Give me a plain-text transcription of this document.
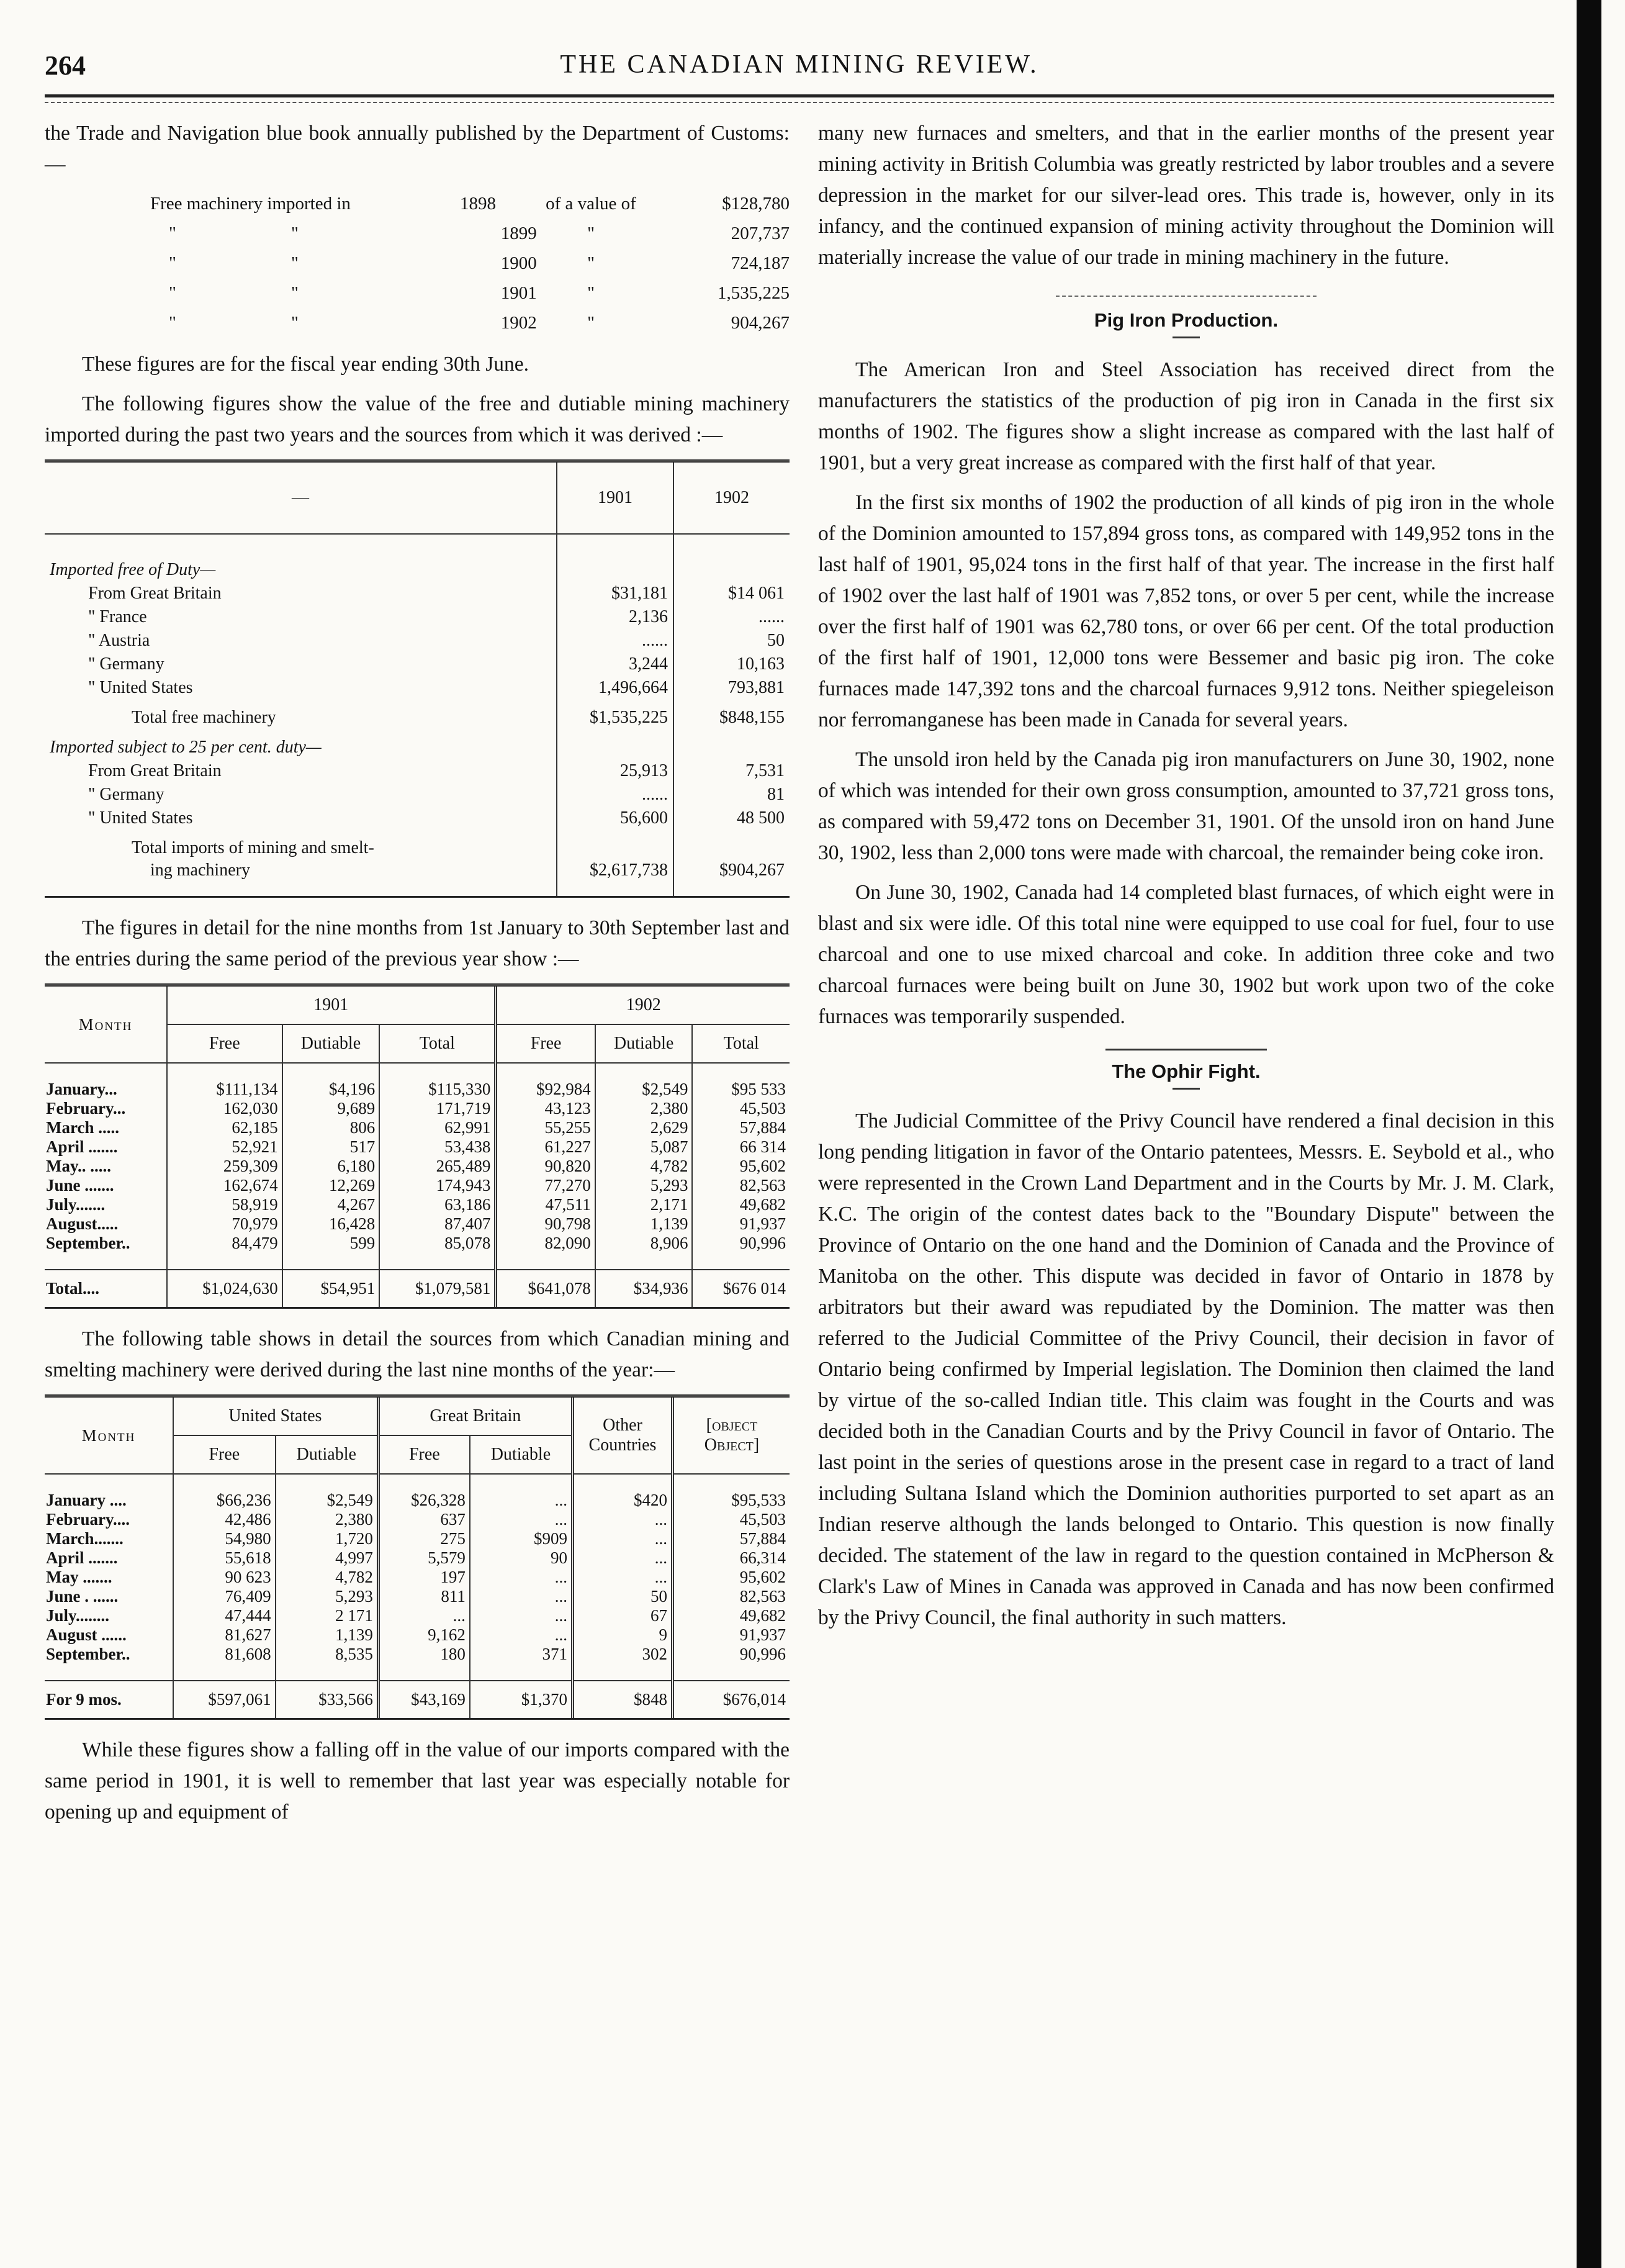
264	THE CANADIAN MINING REVIEW.

the Trade and Navigation blue book annually published by the Department of Customs:—

Free machinery imported in	1898	of a value of	$128,780
"	"	1899	"	207,737
"	"	1900	"	724,187
"	"	1901	"	1,535,225
"	"	1902	"	904,267

These figures are for the fiscal year ending 30th June.

The following figures show the value of the free and dutiable mining machinery imported during the past two years and the sources from which it was derived :—

—	1901	1902
Imported free of Duty—		
From Great Britain	$31,181	$14 061
" France	2,136	......
" Austria	......	50
" Germany	3,244	10,163
" United States	1,496,664	793,881
Total free machinery	$1,535,225	$848,155
Imported subject to 25 per cent. duty—		
From Great Britain	25,913	7,531
" Germany	......	81
" United States	56,600	48 500
Total imports of mining and smelt-		
ing machinery	$2,617,738	$904,267

The figures in detail for the nine months from 1st January to 30th September last and the entries during the same period of the previous year show :—

Month	1901			1902		
	Free	Dutiable	Total	Free	Dutiable	Total

January...	$111,134	$4,196	$115,330	$92,984	$2,549	$95 533
February...	162,030	9,689	171,719	43,123	2,380	45,503
March .....	62,185	806	62,991	55,255	2,629	57,884
April .......	52,921	517	53,438	61,227	5,087	66 314
May.. .....	259,309	6,180	265,489	90,820	4,782	95,602
June .......	162,674	12,269	174,943	77,270	5,293	82,563
July.......	58,919	4,267	63,186	47,511	2,171	49,682
August.....	70,979	16,428	87,407	90,798	1,139	91,937
September..	84,479	599	85,078	82,090	8,906	90,996

Total....	$1,024,630	$54,951	$1,079,581	$641,078	$34,936	$676 014

The following table shows in detail the sources from which Canadian mining and smelting machinery were derived during the last nine months of the year:—

Month	United States		Great Britain		Other Countries	[object Object]
	Free	Dutiable	Free	Dutiable		

January ....	$66,236	$2,549	$26,328	...	$420	$95,533
February....	42,486	2,380	637	...	...	45,503
March.......	54,980	1,720	275	$909	...	57,884
April .......	55,618	4,997	5,579	90	...	66,314
May .......	90 623	4,782	197	...	...	95,602
June . ......	76,409	5,293	811	...	50	82,563
July........	47,444	2 171	...	...	67	49,682
August ......	81,627	1,139	9,162	...	9	91,937
September..	81,608	8,535	180	371	302	90,996

For 9 mos.	$597,061	$33,566	$43,169	$1,370	$848	$676,014

While these figures show a falling off in the value of our imports compared with the same period in 1901, it is well to remember that last year was especially notable for opening up and equipment of

many new furnaces and smelters, and that in the earlier months of the present year mining activity in British Columbia was greatly restricted by labor troubles and a severe depression in the market for our silver-lead ores. This trade is, however, only in its infancy, and the continued expansion of mining activity throughout the Dominion will materially increase the value of our trade in mining machinery in the future.

Pig Iron Production.

The American Iron and Steel Association has received direct from the manufacturers the statistics of the production of pig iron in Canada in the first six months of 1902. The figures show a slight increase as compared with the last half of 1901, but a very great increase as compared with the first half of that year.

In the first six months of 1902 the production of all kinds of pig iron in the whole of the Dominion amounted to 157,894 gross tons, as compared with 149,952 tons in the last half of 1901, 95,024 tons in the first half of that year. The increase in the first half of 1902 over the last half of 1901 was 7,852 tons, or over 5 per cent, while the increase over the first half of 1901 was 62,780 tons, or over 66 per cent. Of the total production of the first half of 1901, 12,000 tons were Bessemer and basic pig iron. The coke furnaces made 147,392 tons and the charcoal furnaces 9,912 tons. Neither spiegeleison nor ferromanganese has been made in Canada for several years.

The unsold iron held by the Canada pig iron manufacturers on June 30, 1902, none of which was intended for their own gross consumption, amounted to 37,721 gross tons, as compared with 59,472 tons on December 31, 1901. Of the unsold iron on hand June 30, 1902, less than 2,000 tons were made with charcoal, the remainder being coke iron.

On June 30, 1902, Canada had 14 completed blast furnaces, of which eight were in blast and six were idle. Of this total nine were equipped to use coal for fuel, four to use charcoal and one to use mixed charcoal and coke. In addition three coke and two charcoal furnaces were being built on June 30, 1902 but work upon two of the coke furnaces was temporarily suspended.

The Ophir Fight.

The Judicial Committee of the Privy Council have rendered a final decision in this long pending litigation in favor of the Ontario patentees, Messrs. E. Seybold et al., who were represented in the Crown Land Department and in the Courts by Mr. J. M. Clark, K.C. The origin of the contest dates back to the "Boundary Dispute" between the Province of Ontario on the one hand and the Dominion of Canada and the Province of Manitoba on the other. This dispute was decided in favor of Ontario in 1878 by arbitrators but their award was repudiated by the Dominion. The matter was then referred to the Judicial Committee of the Privy Council, their decision in favor of Ontario being confirmed by Imperial legislation. The Dominion then claimed the land by virtue of the so-called Indian title. This claim was fought in the Courts and was decided both in the Canadian Courts and by the Privy Council in favor of Ontario. The last point in the series of questions arose in the present case in regard to a tract of land including Sultana Island which the Dominion authorities purported to set apart as an Indian reserve although the lands belonged to Ontario. This question is now finally decided. The statement of the law in regard to the question contained in McPherson & Clark's Law of Mines in Canada was approved in Canada and has now been confirmed by the Privy Council, the final authority in such matters.
